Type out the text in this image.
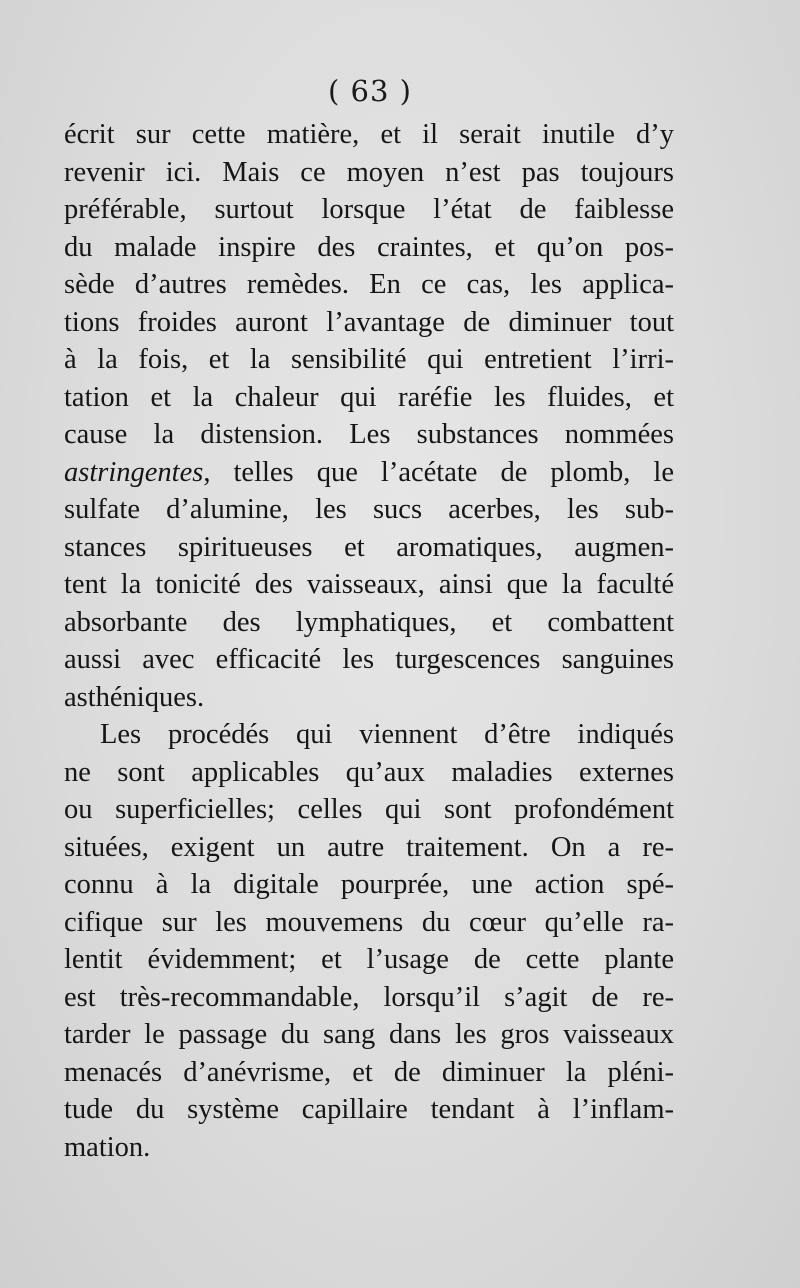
( 63 )
écrit sur cette matière, et il serait inutile d’y
revenir ici. Mais ce moyen n’est pas toujours
préférable, surtout lorsque l’état de faiblesse
du malade inspire des craintes, et qu’on pos-
sède d’autres remèdes. En ce cas, les applica-
tions froides auront l’avantage de diminuer tout
à la fois, et la sensibilité qui entretient l’irri-
tation et la chaleur qui raréfie les fluides, et
cause la distension. Les substances nommées
astringentes, telles que l’acétate de plomb, le
sulfate d’alumine, les sucs acerbes, les sub-
stances spiritueuses et aromatiques, augmen-
tent la tonicité des vaisseaux, ainsi que la faculté
absorbante des lymphatiques, et combattent
aussi avec efficacité les turgescences sanguines
asthéniques.
Les procédés qui viennent d’être indiqués
ne sont applicables qu’aux maladies externes
ou superficielles; celles qui sont profondément
situées, exigent un autre traitement. On a re-
connu à la digitale pourprée, une action spé-
cifique sur les mouvemens du cœur qu’elle ra-
lentit évidemment; et l’usage de cette plante
est très-recommandable, lorsqu’il s’agit de re-
tarder le passage du sang dans les gros vaisseaux
menacés d’anévrisme, et de diminuer la pléni-
tude du système capillaire tendant à l’inflam-
mation.
